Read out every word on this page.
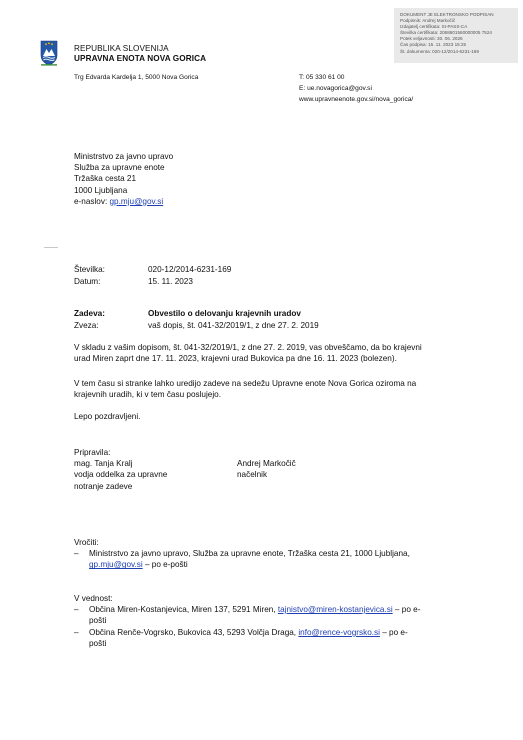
DOKUMENT JE ELEKTRONSKO PODPISAN
Podpisnik: Andrej Markočič
Izdajatelj certifikata: SI-PASS-CA
Številka certifikata: 2068601560000005 7524
Potek veljavnosti: 30. 06. 2026
Čas podpisa: 15. 11. 2023 15:25
Št. dokumenta: 020-12/2014-6231-169
REPUBLIKA SLOVENIJA
UPRAVNA ENOTA NOVA GORICA
Trg Edvarda Kardelja 1, 5000 Nova Gorica	T: 05 330 61 00
E: ue.novagorica@gov.si
www.upravneenote.gov.si/nova_gorica/
Ministrstvo za javno upravo
Služba za upravne enote
Tržaška cesta 21
1000 Ljubljana
e-naslov: gp.mju@gov.si
Številka:	020-12/2014-6231-169
Datum:	15. 11. 2023
Zadeva:	Obvestilo o delovanju krajevnih uradov
Zveza:	vaš dopis, št. 041-32/2019/1, z dne 27. 2. 2019
V skladu z vašim dopisom, št. 041-32/2019/1, z dne 27. 2. 2019, vas obveščamo, da bo krajevni
urad Miren zaprt dne 17. 11. 2023, krajevni urad Bukovica pa dne 16. 11. 2023 (bolezen).
V tem času si stranke lahko uredijo zadeve na sedežu Upravne enote Nova Gorica oziroma na
krajevnih uradih, ki v tem času poslujejo.
Lepo pozdravljeni.
Pripravila:
mag. Tanja Kralj
vodja oddelka za upravne
notranje zadeve
Andrej Markočič
načelnik
Vročiti:
– Ministrstvo za javno upravo, Služba za upravne enote, Tržaška cesta 21, 1000 Ljubljana,
gp.mju@gov.si – po e-pošti
V vednost:
– Občina Miren-Kostanjevica, Miren 137, 5291 Miren, tajnistvo@miren-kostanjevica.si – po e-
pošti
– Občina Renče-Vogrsko, Bukovica 43, 5293 Volčja Draga, info@rence-vogrsko.si – po e-
pošti
